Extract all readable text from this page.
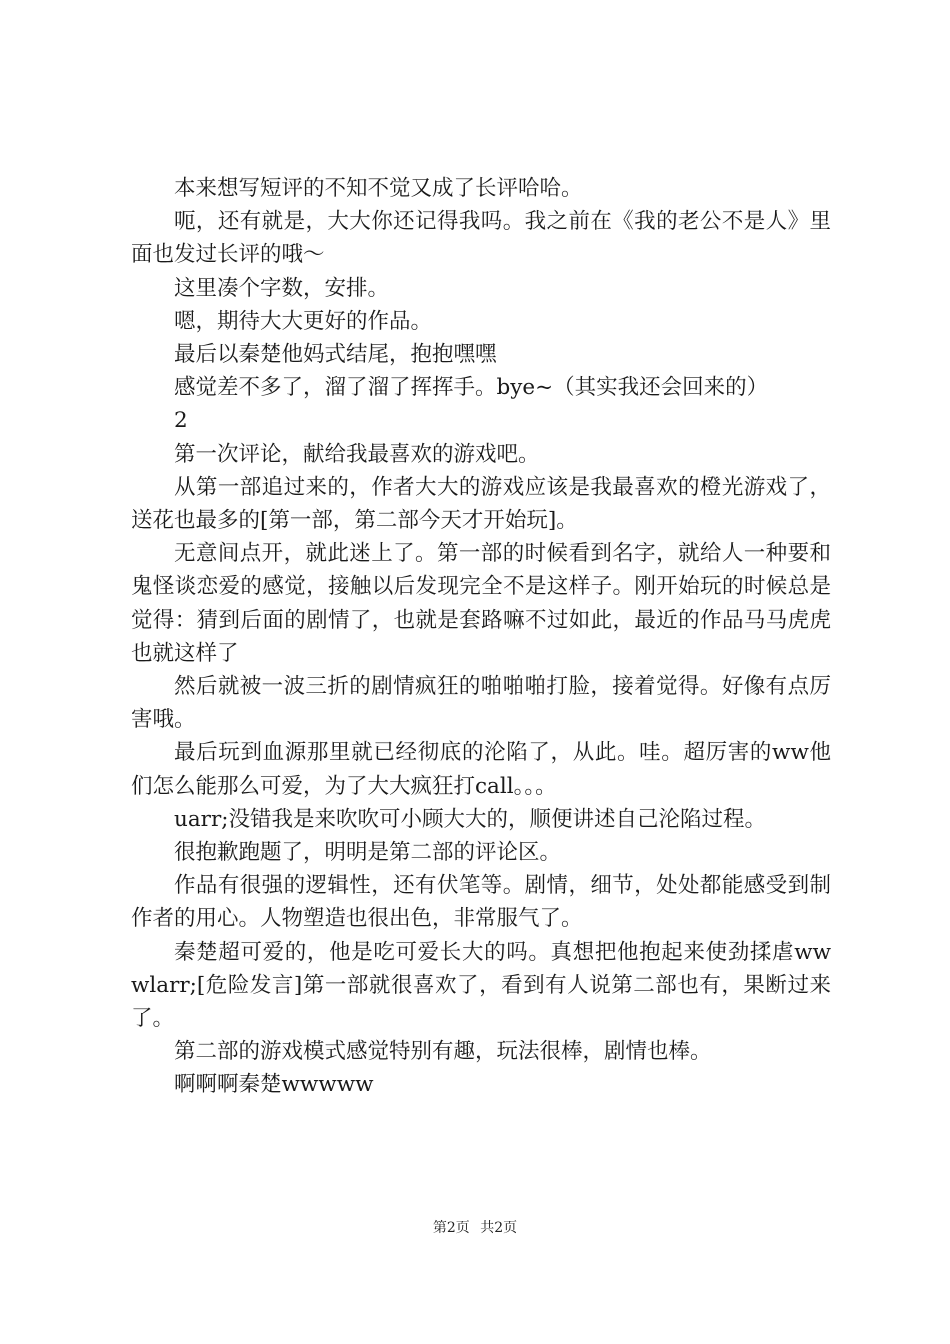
本来想写短评的不知不觉又成了长评哈哈。

呃，还有就是，大大你还记得我吗。我之前在《我的老公不是人》里面也发过长评的哦～

这里凑个字数，安排。

嗯，期待大大更好的作品。

最后以秦楚他妈式结尾，抱抱嘿嘿

感觉差不多了，溜了溜了挥挥手。bye~（其实我还会回来的）

2

第一次评论，献给我最喜欢的游戏吧。

从第一部追过来的，作者大大的游戏应该是我最喜欢的橙光游戏了，送花也最多的[第一部，第二部今天才开始玩]。

无意间点开，就此迷上了。第一部的时候看到名字，就给人一种要和鬼怪谈恋爱的感觉，接触以后发现完全不是这样子。刚开始玩的时候总是觉得：猜到后面的剧情了，也就是套路嘛不过如此，最近的作品马马虎虎也就这样了

然后就被一波三折的剧情疯狂的啪啪啪打脸，接着觉得。好像有点厉害哦。

最后玩到血源那里就已经彻底的沦陷了，从此。哇。超厉害的ww他们怎么能那么可爱，为了大大疯狂打call。。。

uarr;没错我是来吹吹可小顾大大的，顺便讲述自己沦陷过程。

很抱歉跑题了，明明是第二部的评论区。

作品有很强的逻辑性，还有伏笔等。剧情，细节，处处都能感受到制作者的用心。人物塑造也很出色，非常服气了。

秦楚超可爱的，他是吃可爱长大的吗。真想把他抱起来使劲揉虐wwwlarr;[危险发言]第一部就很喜欢了，看到有人说第二部也有，果断过来了。

第二部的游戏模式感觉特别有趣，玩法很棒，剧情也棒。

啊啊啊秦楚wwwww

第2页 共2页
